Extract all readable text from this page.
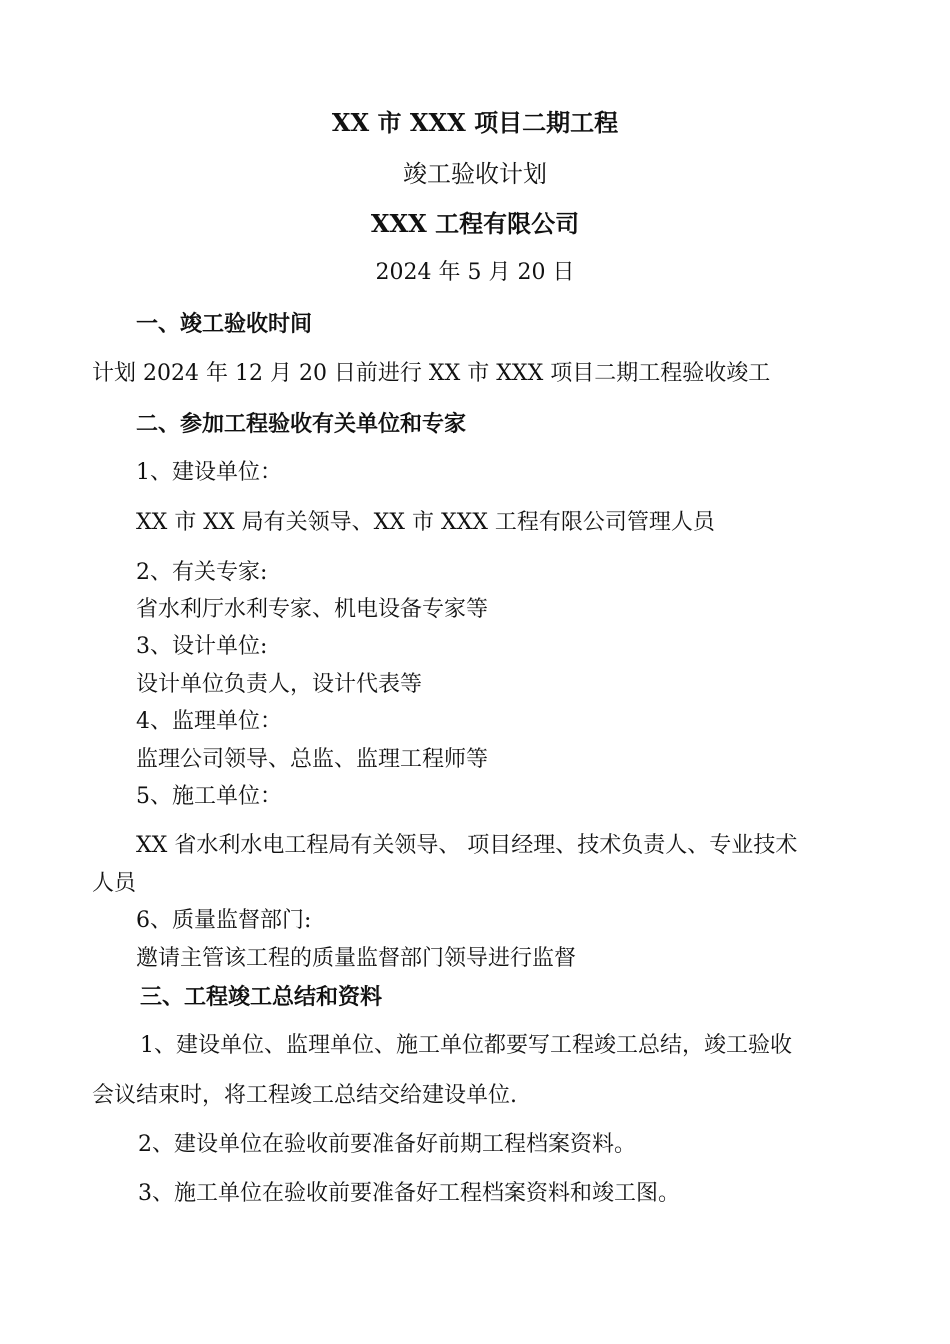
XX 市 XXX 项目二期工程
竣工验收计划
XXX 工程有限公司
2024 年 5 月 20 日
一、竣工验收时间
计划 2024 年 12 月 20 日前进行 XX 市 XXX 项目二期工程验收竣工
二、参加工程验收有关单位和专家
1、建设单位：
XX 市 XX 局有关领导、XX 市 XXX 工程有限公司管理人员
2、有关专家:
省水利厅水利专家、机电设备专家等
3、设计单位:
设计单位负责人，设计代表等
4、监理单位：
监理公司领导、总监、监理工程师等
5、施工单位：
XX 省水利水电工程局有关领导、 项目经理、技术负责人、专业技术
人员
6、质量监督部门:
邀请主管该工程的质量监督部门领导进行监督
三、工程竣工总结和资料
1、建设单位、监理单位、施工单位都要写工程竣工总结，竣工验收
会议结束时，将工程竣工总结交给建设单位.
2、建设单位在验收前要准备好前期工程档案资料。
3、施工单位在验收前要准备好工程档案资料和竣工图。
